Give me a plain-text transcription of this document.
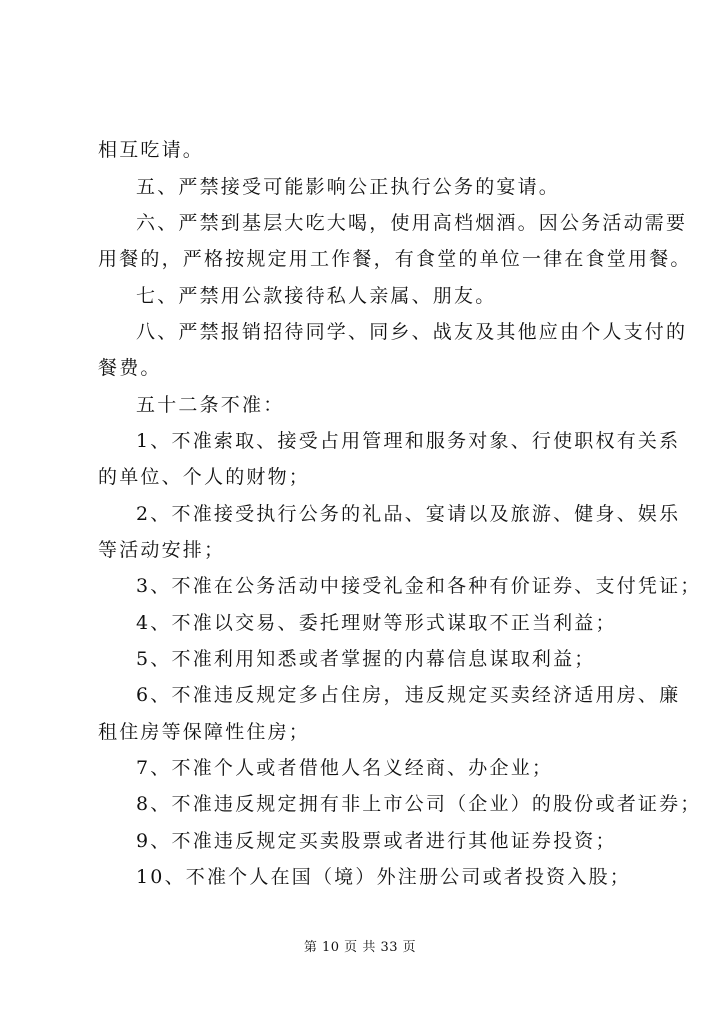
相互吃请。
五、严禁接受可能影响公正执行公务的宴请。
六、严禁到基层大吃大喝，使用高档烟酒。因公务活动需要
用餐的，严格按规定用工作餐，有食堂的单位一律在食堂用餐。
七、严禁用公款接待私人亲属、朋友。
八、严禁报销招待同学、同乡、战友及其他应由个人支付的
餐费。
五十二条不准：
1、不准索取、接受占用管理和服务对象、行使职权有关系
的单位、个人的财物；
2、不准接受执行公务的礼品、宴请以及旅游、健身、娱乐
等活动安排；
3、不准在公务活动中接受礼金和各种有价证券、支付凭证；
4、不准以交易、委托理财等形式谋取不正当利益；
5、不准利用知悉或者掌握的内幕信息谋取利益；
6、不准违反规定多占住房，违反规定买卖经济适用房、廉
租住房等保障性住房；
7、不准个人或者借他人名义经商、办企业；
8、不准违反规定拥有非上市公司（企业）的股份或者证券；
9、不准违反规定买卖股票或者进行其他证券投资；
10、不准个人在国（境）外注册公司或者投资入股；
第 10 页 共 33 页
